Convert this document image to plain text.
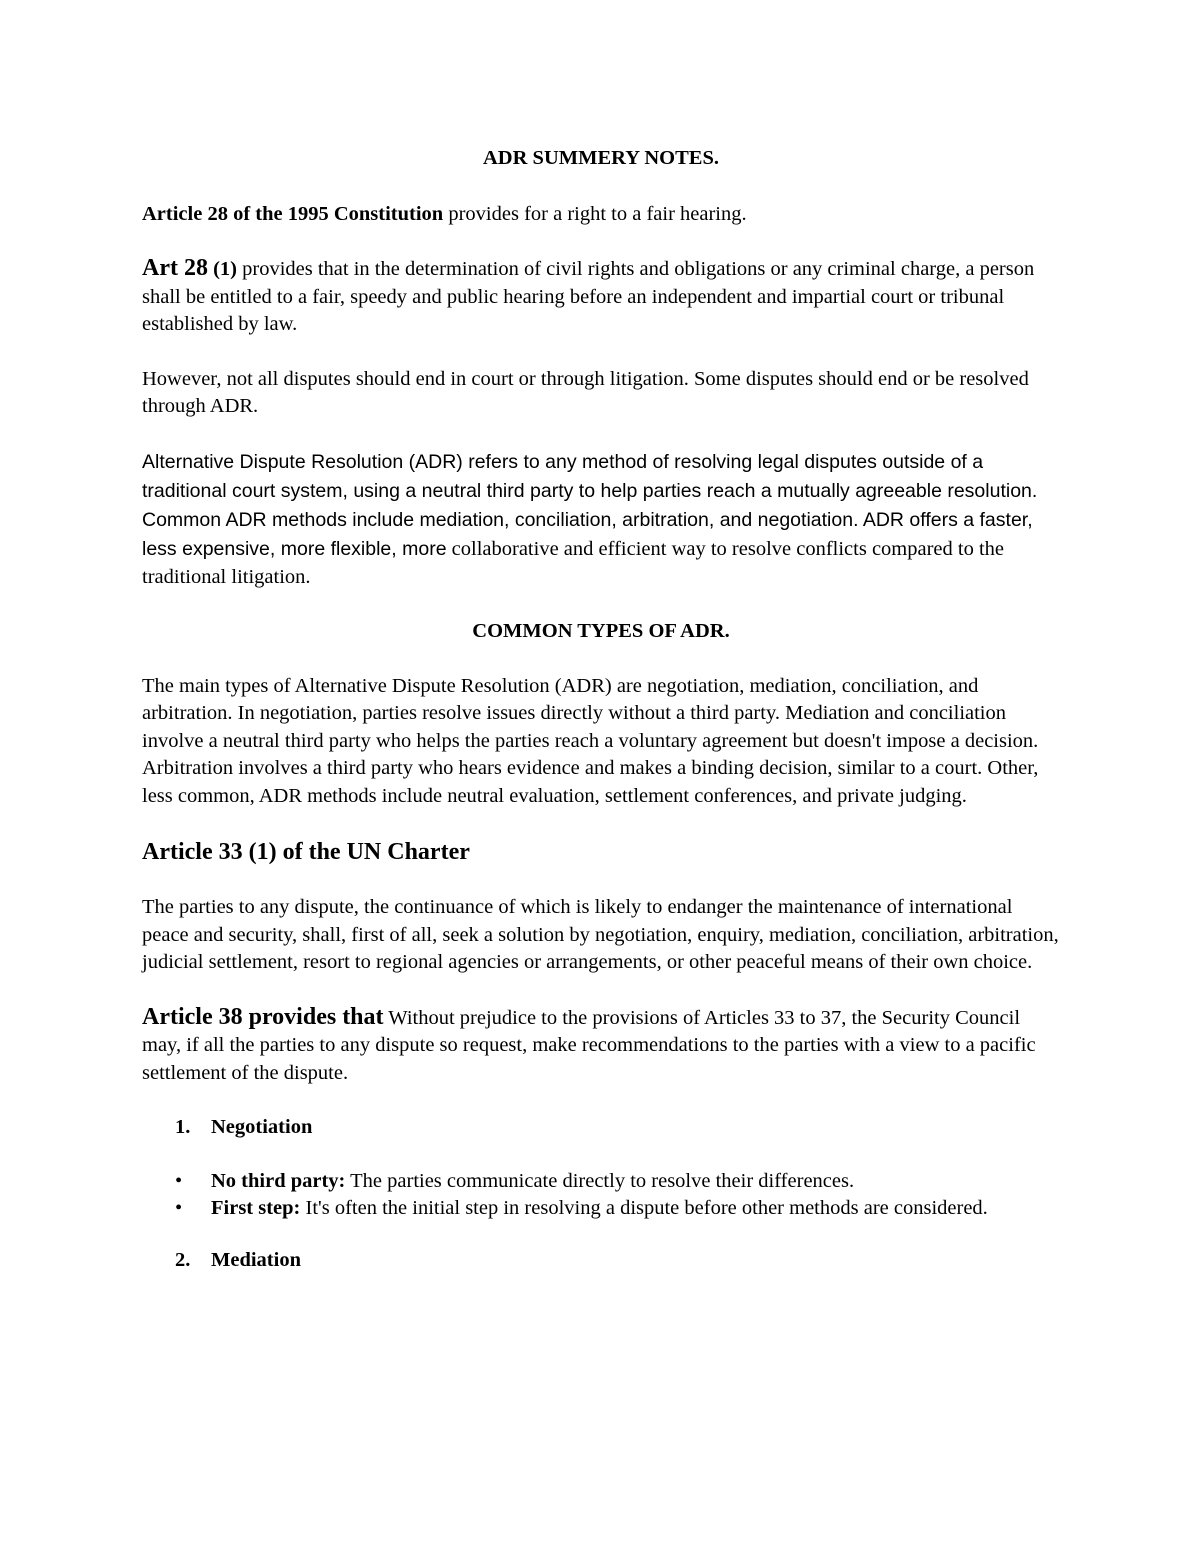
ADR SUMMERY NOTES.

Article 28 of the 1995 Constitution provides for a right to a fair hearing.

Art 28 (1) provides that in the determination of civil rights and obligations or any criminal charge, a person shall be entitled to a fair, speedy and public hearing before an independent and impartial court or tribunal established by law.

However, not all disputes should end in court or through litigation. Some disputes should end or be resolved through ADR.

Alternative Dispute Resolution (ADR) refers to any method of resolving legal disputes outside of a traditional court system, using a neutral third party to help parties reach a mutually agreeable resolution. Common ADR methods include mediation, conciliation, arbitration, and negotiation. ADR offers a faster, less expensive, more flexible, more collaborative and efficient way to resolve conflicts compared to the traditional litigation.

COMMON TYPES OF ADR.

The main types of Alternative Dispute Resolution (ADR) are negotiation, mediation, conciliation, and arbitration. In negotiation, parties resolve issues directly without a third party. Mediation and conciliation involve a neutral third party who helps the parties reach a voluntary agreement but doesn't impose a decision. Arbitration involves a third party who hears evidence and makes a binding decision, similar to a court. Other, less common, ADR methods include neutral evaluation, settlement conferences, and private judging.

Article 33 (1) of the UN Charter

The parties to any dispute, the continuance of which is likely to endanger the maintenance of international peace and security, shall, first of all, seek a solution by negotiation, enquiry, mediation, conciliation, arbitration, judicial settlement, resort to regional agencies or arrangements, or other peaceful means of their own choice.

Article 38 provides that Without prejudice to the provisions of Articles 33 to 37, the Security Council may, if all the parties to any dispute so request, make recommendations to the parties with a view to a pacific settlement of the dispute.

1. Negotiation
• No third party: The parties communicate directly to resolve their differences.
• First step: It's often the initial step in resolving a dispute before other methods are considered.
2. Mediation
